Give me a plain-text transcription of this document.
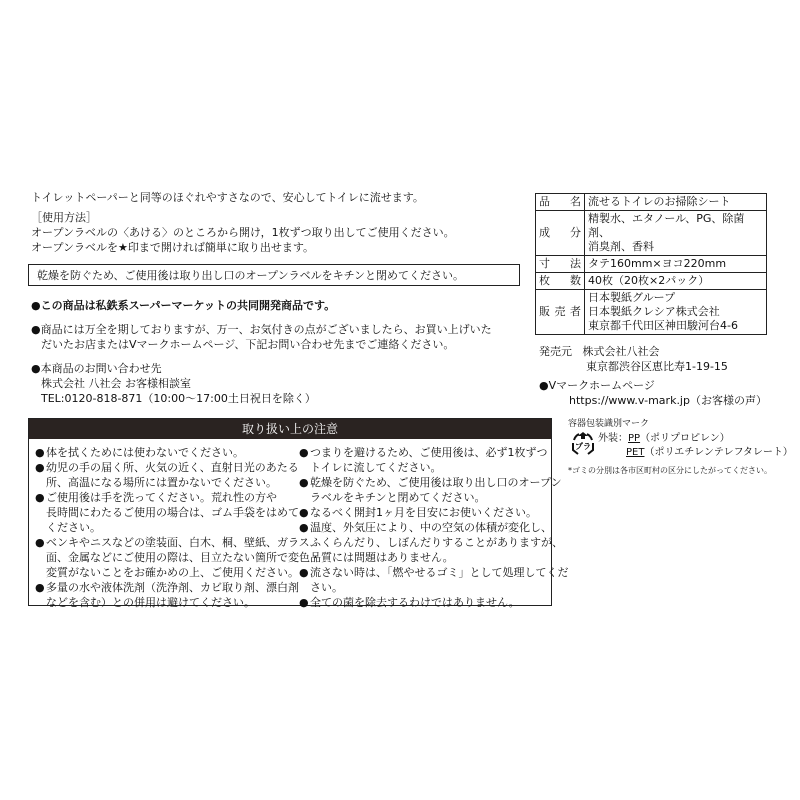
トイレットペーパーと同等のほぐれやすさなので、安心してトイレに流せます。
［使用方法］
オープンラベルの〈あける〉のところから開け，1枚ずつ取り出してご使用ください。
オープンラベルを★印まで開ければ簡単に取り出せます。
乾燥を防ぐため、ご使用後は取り出し口のオープンラベルをキチンと閉めてください。
●この商品は私鉄系スーパーマーケットの共同開発商品です。
●商品には万全を期しておりますが、万一、お気付きの点がございましたら、お買い上げいた
だいたお店またはVマークホームページ、下記お問い合わせ先までご連絡ください。
●本商品のお問い合わせ先
株式会社 八社会 お客様相談室
TEL:0120-818-871（10:00～17:00土日祝日を除く）
品名	流せるトイレのお掃除シート

成分	精製水、エタノール、PG、除菌剤、
消臭剤、香料

寸法	タテ160mm×ヨコ220mm

枚数	40枚（20枚×2パック）

販売者	日本製紙グループ
日本製紙クレシア株式会社
東京都千代田区神田駿河台4-6
発売元 株式会社八社会
東京都渋谷区恵比寿1-19-15
●Vマークホームページ
https://www.v-mark.jp（お客様の声）
取り扱い上の注意
● 体を拭くためには使わないでください。
● 幼児の手の届く所、火気の近く、直射日光のあたる
所、高温になる場所には置かないでください。
● ご使用後は手を洗ってください。荒れ性の方や
長時間にわたるご使用の場合は、ゴム手袋をはめて
ください。
● ベンキやニスなどの塗装面、白木、桐、壁紙、ガラス
面、金属などにご使用の際は、目立たない箇所で変色・
変質がないことをお確かめの上、ご使用ください。
● 多量の水や液体洗剤（洗浄剤、カビ取り剤、漂白剤
などを含む）との併用は避けてください。
● つまりを避けるため、ご使用後は、必ず1枚ずつ
トイレに流してください。
● 乾燥を防ぐため、ご使用後は取り出し口のオープン
ラベルをキチンと閉めてください。
● なるべく開封1ヶ月を目安にお使いください。
● 温度、外気圧により、中の空気の体積が変化し、
ふくらんだり、しぼんだりすることがありますが、
品質には問題はありません。
● 流さない時は、「燃やせるゴミ」として処理してくだ
さい。
● 全ての菌を除去するわけではありません。
容器包装識別マーク
プラ
外装：PP（ポリプロピレン）
PET（ポリエチレンテレフタレート）
*ゴミの分別は各市区町村の区分にしたがってください。
